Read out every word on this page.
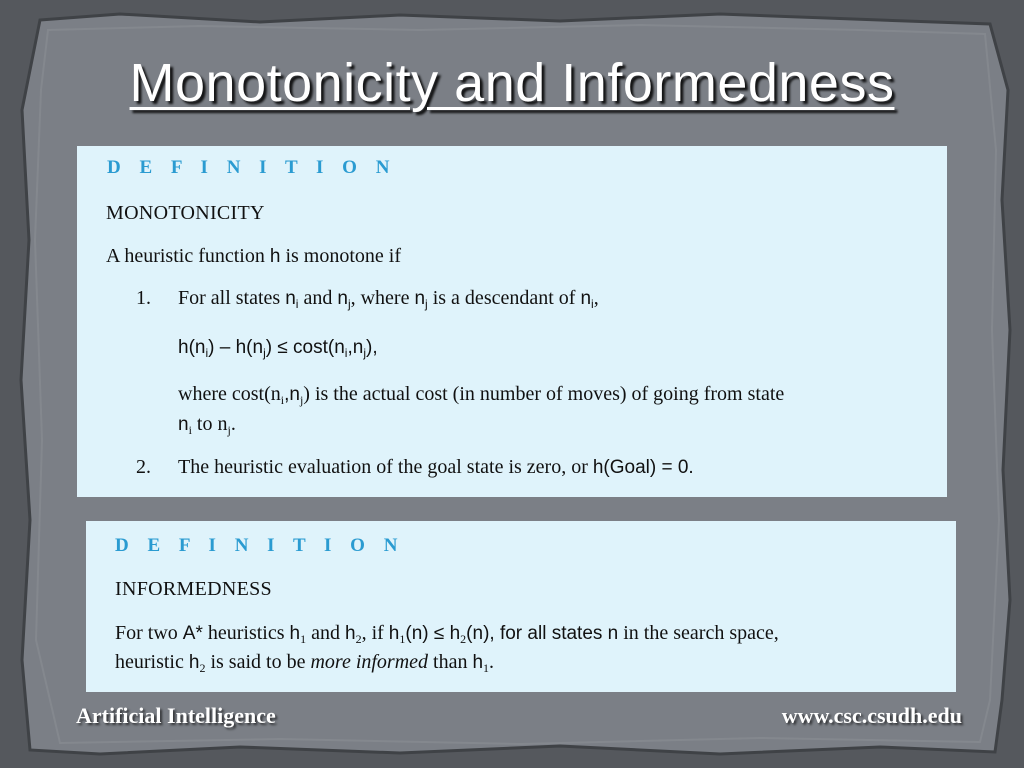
Monotonicity and Informedness
D E F I N I T I O N
MONOTONICITY
A heuristic function h is monotone if
1. For all states $n_i$ and $n_j$, where $n_j$ is a descendant of $n_i$,
$h(n_i) - h(n_j) \le \cos t(n_i,n_j)$,
where $\cos t(n_i,n_j)$ is the actual cost (in number of moves) of going from state
$n_i$ to $n_j$.
2. The heuristic evaluation of the goal state is zero, or h(Goal) = 0.
D E F I N I T I O N
INFORMEDNESS
For two A* heuristics $h_1$ and $h_2$, if $h_1(n) \le h_2(n)$, for all states n in the search space,
heuristic $h_2$ is said to be more informed than $h_1$.
Artificial Intelligence	www.csc.csudh.edu
